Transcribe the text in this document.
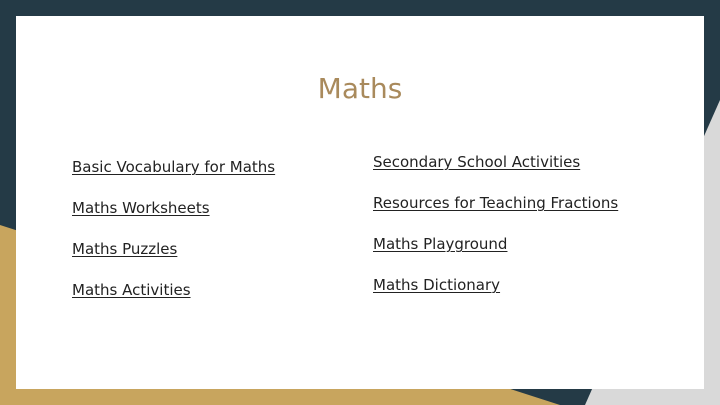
Maths
Basic Vocabulary for Maths
Maths Worksheets
Maths Puzzles
Maths Activities
Secondary School Activities
Resources for Teaching Fractions
Maths Playground
Maths Dictionary
